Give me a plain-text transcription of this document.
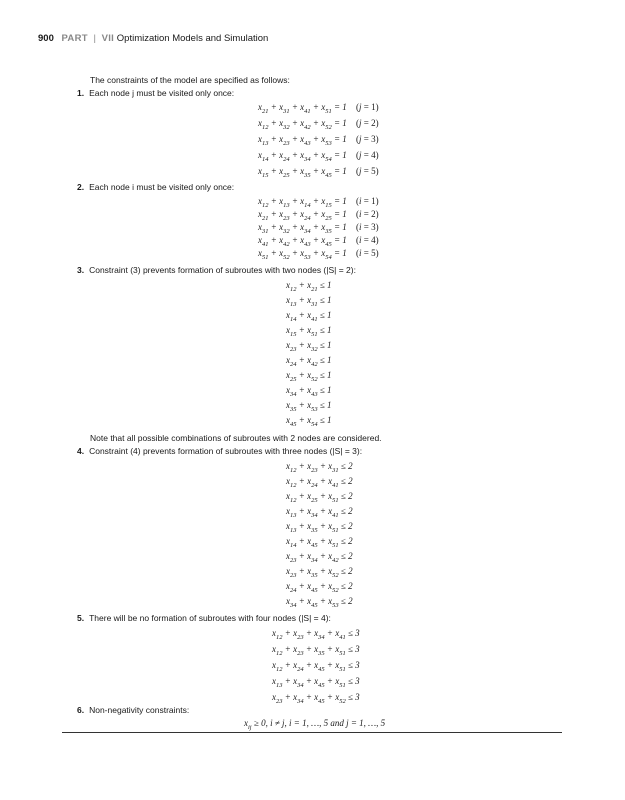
900 PART | VII Optimization Models and Simulation
The constraints of the model are specified as follows:
1. Each node j must be visited only once:
$x_{21} + x_{31} + x_{41} + x_{51} = 1$ (j = 1)
$x_{12} + x_{32} + x_{42} + x_{52} = 1$ (j = 2)
$x_{13} + x_{23} + x_{43} + x_{53} = 1$ (j = 3)
$x_{14} + x_{24} + x_{34} + x_{54} = 1$ (j = 4)
$x_{15} + x_{25} + x_{35} + x_{45} = 1$ (j = 5)
2. Each node i must be visited only once:
$x_{12} + x_{13} + x_{14} + x_{15} = 1$ (i = 1)
$x_{21} + x_{23} + x_{24} + x_{25} = 1$ (i = 2)
$x_{31} + x_{32} + x_{34} + x_{35} = 1$ (i = 3)
$x_{41} + x_{42} + x_{43} + x_{45} = 1$ (i = 4)
$x_{51} + x_{52} + x_{53} + x_{54} = 1$ (i = 5)
3. Constraint (3) prevents formation of subroutes with two nodes (|S| = 2):
$x_{12} + x_{21} \le 1$
$x_{13} + x_{31} \le 1$
$x_{14} + x_{41} \le 1$
$x_{15} + x_{51} \le 1$
$x_{23} + x_{32} \le 1$
$x_{24} + x_{42} \le 1$
$x_{25} + x_{52} \le 1$
$x_{34} + x_{43} \le 1$
$x_{35} + x_{53} \le 1$
$x_{45} + x_{54} \le 1$
Note that all possible combinations of subroutes with 2 nodes are considered.
4. Constraint (4) prevents formation of subroutes with three nodes (|S| = 3):
$x_{12} + x_{23} + x_{31} \le 2$
$x_{12} + x_{24} + x_{41} \le 2$
$x_{12} + x_{25} + x_{51} \le 2$
$x_{13} + x_{34} + x_{41} \le 2$
$x_{13} + x_{35} + x_{51} \le 2$
$x_{14} + x_{45} + x_{51} \le 2$
$x_{23} + x_{34} + x_{42} \le 2$
$x_{23} + x_{35} + x_{52} \le 2$
$x_{24} + x_{45} + x_{52} \le 2$
$x_{34} + x_{45} + x_{53} \le 2$
5. There will be no formation of subroutes with four nodes (|S| = 4):
$x_{12} + x_{23} + x_{34} + x_{41} \le 3$
$x_{12} + x_{23} + x_{35} + x_{51} \le 3$
$x_{12} + x_{24} + x_{45} + x_{51} \le 3$
$x_{13} + x_{34} + x_{45} + x_{51} \le 3$
$x_{23} + x_{34} + x_{45} + x_{52} \le 3$
6. Non-negativity constraints:
$x_{ij} \ge 0$, i ≠ j, i = 1, …, 5 and j = 1, …, 5
